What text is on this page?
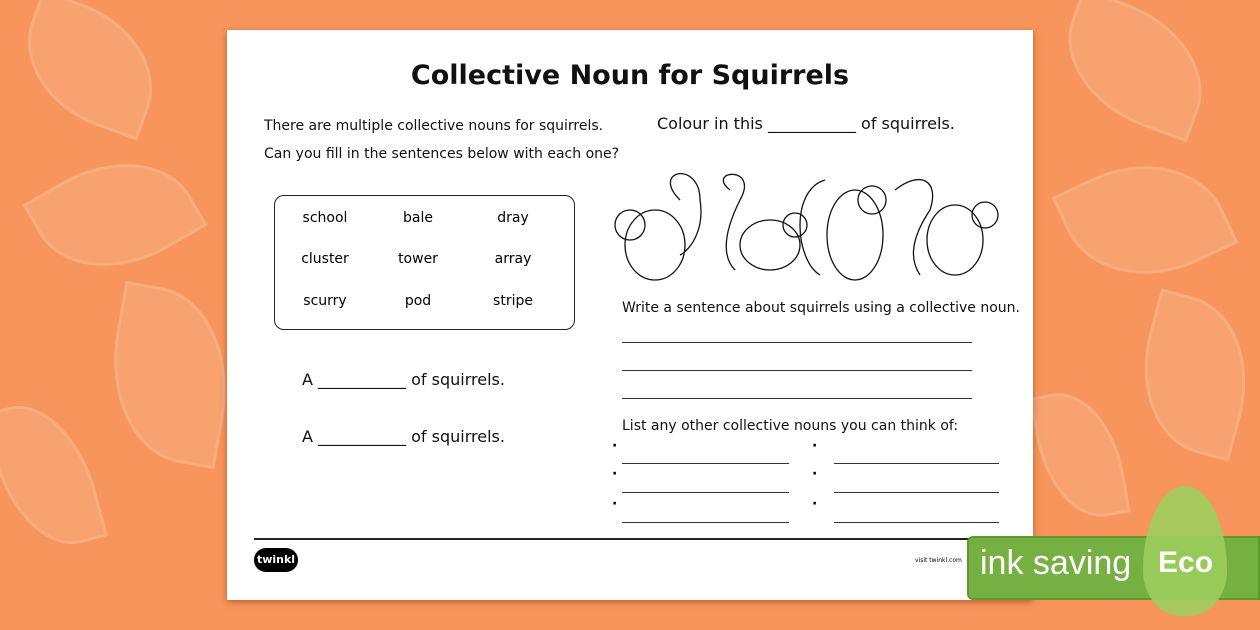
Collective Noun for Squirrels
There are multiple collective nouns for squirrels.
Can you fill in the sentences below with each one?
school	bale	dray
cluster	tower	array
scurry	pod	stripe
A ___________ of squirrels.
A ___________ of squirrels.
Colour in this ___________ of squirrels.
Write a sentence about squirrels using a collective noun.
List any other collective nouns you can think of:
·
·
·
·
·
·
twinkl	visit twinkl.com ink saving Eco
